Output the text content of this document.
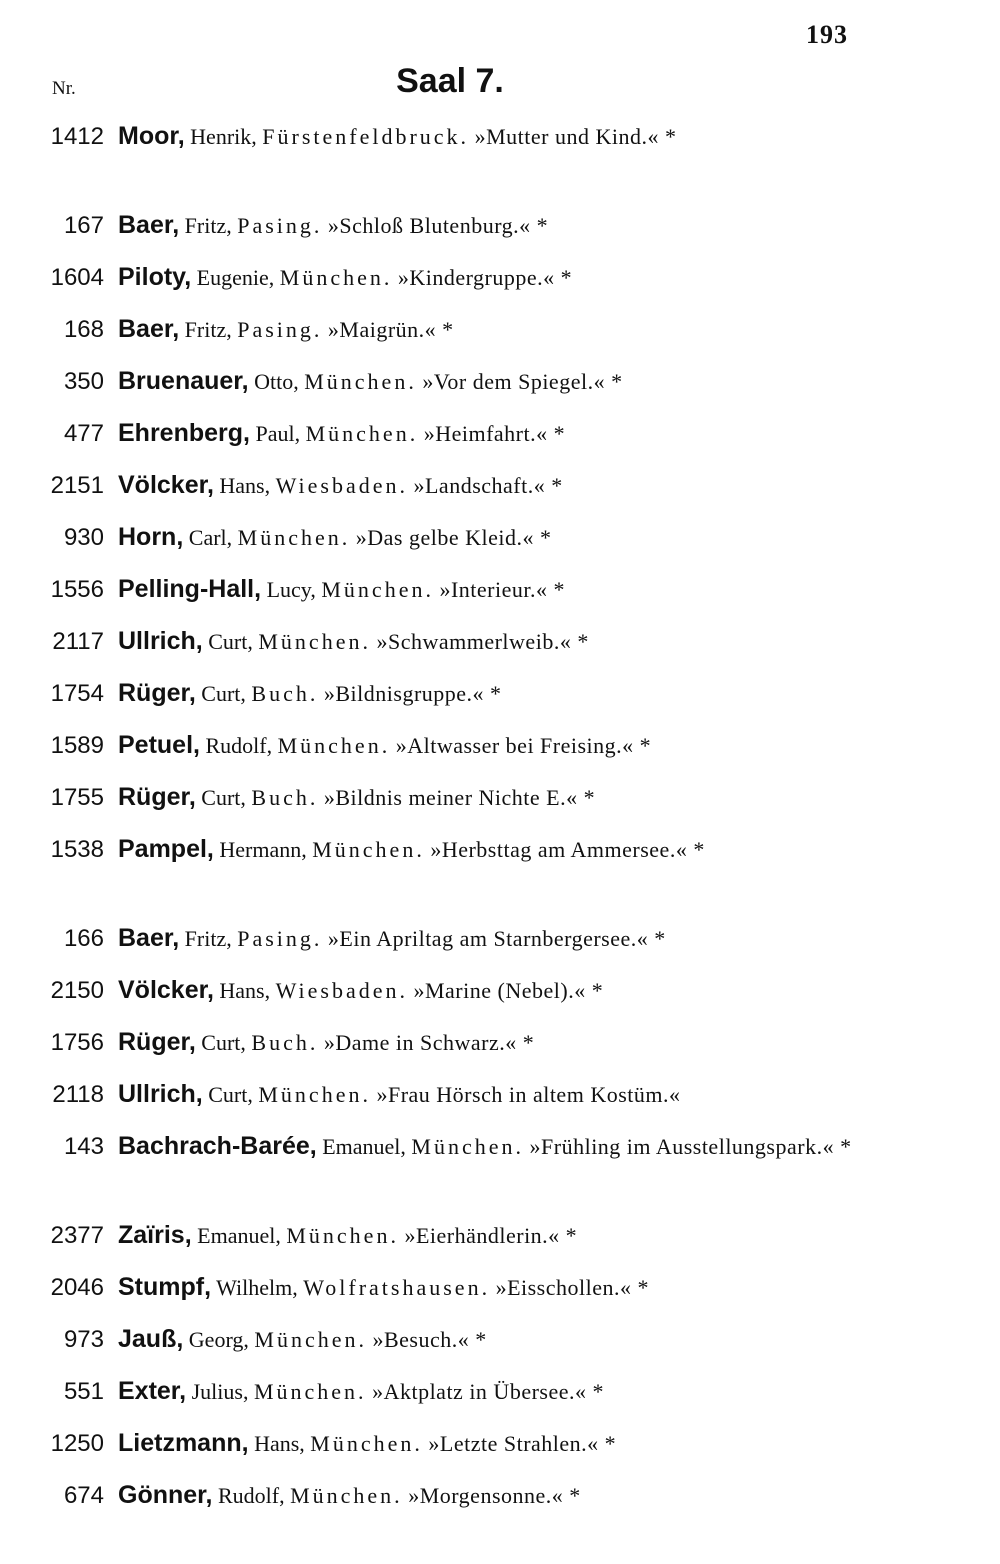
193
Nr.	Saal 7.
1412 Moor, Henrik, Fürstenfeldbruck. »Mutter und Kind.« *
167 Baer, Fritz, Pasing. »Schloß Blutenburg.« *
1604 Piloty, Eugenie, München. »Kindergruppe.« *
168 Baer, Fritz, Pasing. »Maigrün.« *
350 Bruenauer, Otto, München. »Vor dem Spiegel.« *
477 Ehrenberg, Paul, München. »Heimfahrt.« *
2151 Völcker, Hans, Wiesbaden. »Landschaft.« *
930 Horn, Carl, München. »Das gelbe Kleid.« *
1556 Pelling-Hall, Lucy, München. »Interieur.« *
2117 Ullrich, Curt, München. »Schwammerlweib.« *
1754 Rüger, Curt, Buch. »Bildnisgruppe.« *
1589 Petuel, Rudolf, München. »Altwasser bei Freising.« *
1755 Rüger, Curt, Buch. »Bildnis meiner Nichte E.« *
1538 Pampel, Hermann, München. »Herbsttag am Ammersee.« *
166 Baer, Fritz, Pasing. »Ein Apriltag am Starnbergersee.« *
2150 Völcker, Hans, Wiesbaden. »Marine (Nebel).« *
1756 Rüger, Curt, Buch. »Dame in Schwarz.« *
2118 Ullrich, Curt, München. »Frau Hörsch in altem Kostüm.«
143 Bachrach-Barée, Emanuel, München. »Frühling im Ausstellungspark.« *
2377 Zaïris, Emanuel, München. »Eierhändlerin.« *
2046 Stumpf, Wilhelm, Wolfratshausen. »Eisschollen.« *
973 Jauß, Georg, München. »Besuch.« *
551 Exter, Julius, München. »Aktplatz in Übersee.« *
1250 Lietzmann, Hans, München. »Letzte Strahlen.« *
674 Gönner, Rudolf, München. »Morgensonne.« *
